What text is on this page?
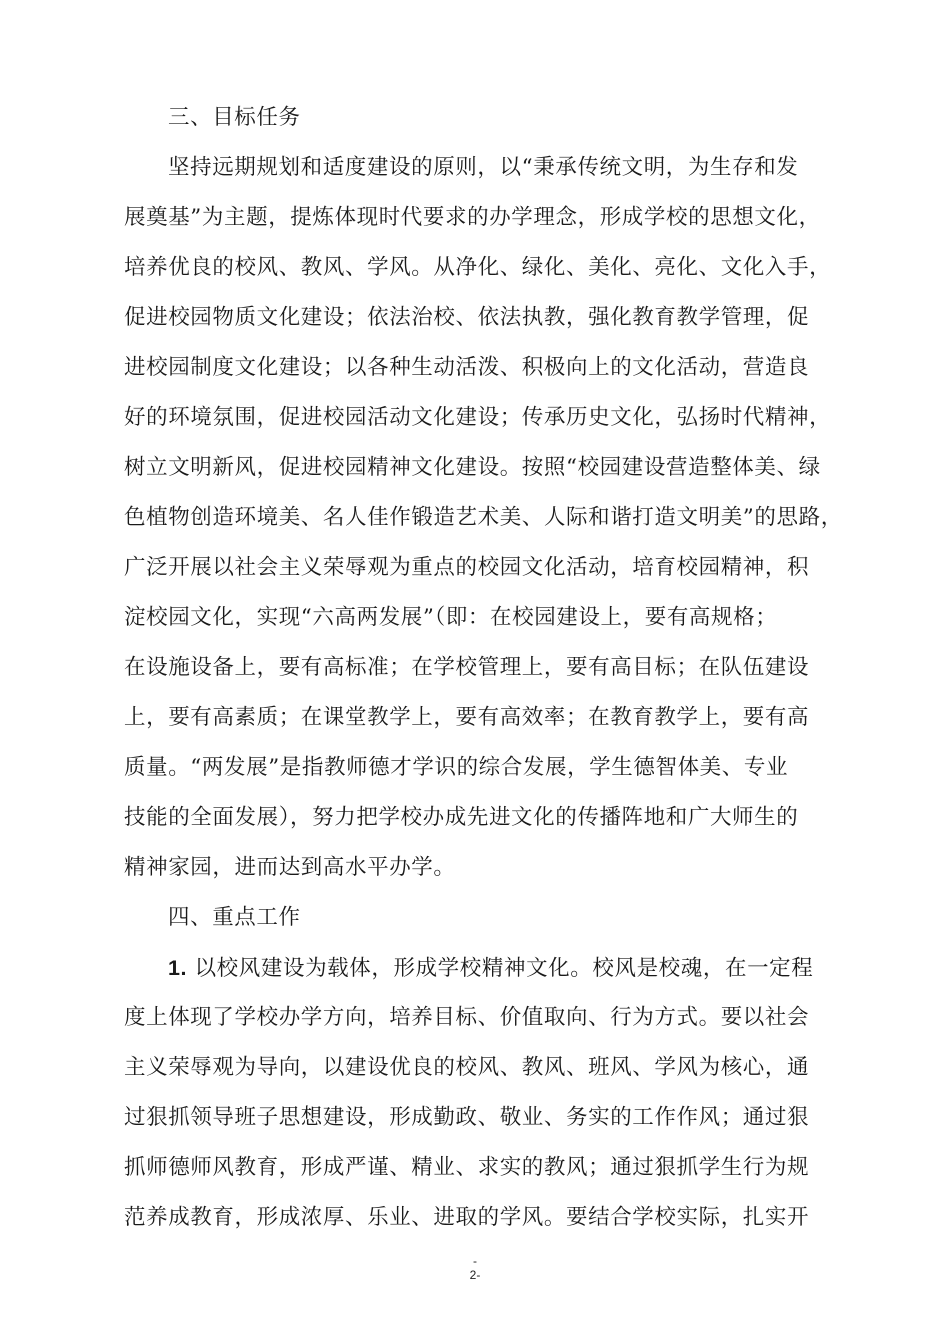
三、目标任务
坚持远期规划和适度建设的原则，以“秉承传统文明，为生存和发
展奠基”为主题，提炼体现时代要求的办学理念，形成学校的思想文化，
培养优良的校风、教风、学风。从净化、绿化、美化、亮化、文化入手，
促进校园物质文化建设；依法治校、依法执教，强化教育教学管理，促
进校园制度文化建设；以各种生动活泼、积极向上的文化活动，营造良
好的环境氛围，促进校园活动文化建设；传承历史文化，弘扬时代精神，
树立文明新风，促进校园精神文化建设。按照“校园建设营造整体美、绿
色植物创造环境美、名人佳作锻造艺术美、人际和谐打造文明美”的思路，
广泛开展以社会主义荣辱观为重点的校园文化活动，培育校园精神，积
淀校园文化，实现“六高两发展”（即：在校园建设上，要有高规格；
在设施设备上，要有高标准；在学校管理上，要有高目标；在队伍建设
上，要有高素质；在课堂教学上，要有高效率；在教育教学上，要有高
质量。“两发展”是指教师德才学识的综合发展，学生德智体美、专业
技能的全面发展），努力把学校办成先进文化的传播阵地和广大师生的
精神家园，进而达到高水平办学。
四、重点工作
1. 以校风建设为载体，形成学校精神文化。校风是校魂，在一定程
度上体现了学校办学方向，培养目标、价值取向、行为方式。要以社会
主义荣辱观为导向，以建设优良的校风、教风、班风、学风为核心，通
过狠抓领导班子思想建设，形成勤政、敬业、务实的工作作风；通过狠
抓师德师风教育，形成严谨、精业、求实的教风；通过狠抓学生行为规
范养成教育，形成浓厚、乐业、进取的学风。要结合学校实际，扎实开
-
2-
